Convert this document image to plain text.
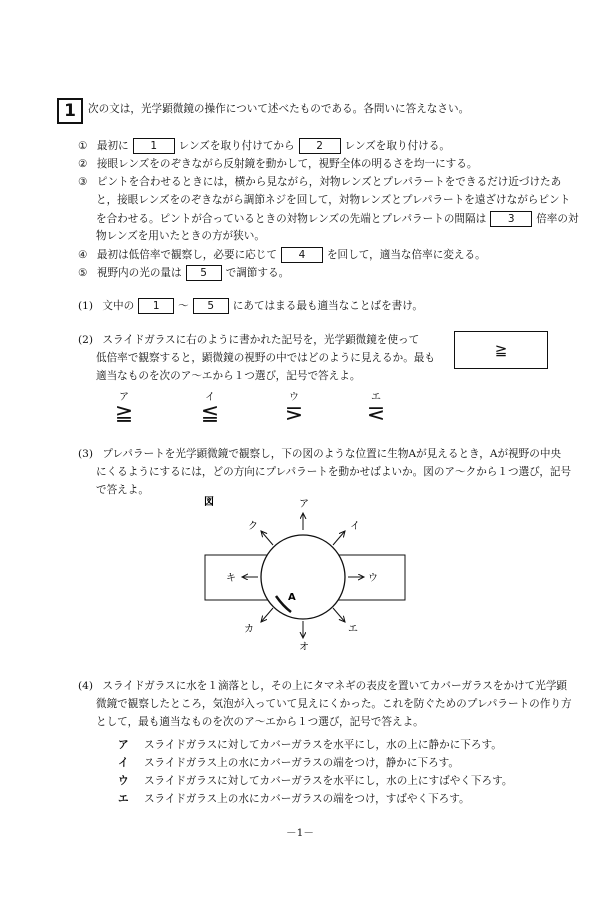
1	次の文は，光学顕微鏡の操作について述べたものである。各問いに答えなさい。
① 最初に 1 レンズを取り付けてから 2 レンズを取り付ける。
② 接眼レンズをのぞきながら反射鏡を動かして，視野全体の明るさを均一にする。
③ ピントを合わせるときには，横から見ながら，対物レンズとプレパラートをできるだけ近づけたあ
と，接眼レンズをのぞきながら調節ネジを回して，対物レンズとプレパラートを遠ざけながらピント
を合わせる。ピントが合っているときの対物レンズの先端とプレパラートの間隔は 3 倍率の対
物レンズを用いたときの方が狭い。
④ 最初は低倍率で観察し，必要に応じて 4 を回して，適当な倍率に変える。
⑤ 視野内の光の量は 5 で調節する。
(1) 文中の 1 ～ 5 にあてはまる最も適当なことばを書け。
(2) スライドガラスに右のように書かれた記号を，光学顕微鏡を使って
低倍率で観察すると，顕微鏡の視野の中ではどのように見えるか。最も
適当なものを次のア～エから１つ選び，記号で答えよ。
≧
ア
≧
イ
≦
ウ
⋝
エ
⋜
(3) プレパラートを光学顕微鏡で観察し，下の図のような位置に生物Aが見えるとき，Aが視野の中央
にくるようにするには，どの方向にプレパラートを動かせばよいか。図のア～クから１つ選び，記号
で答えよ。
図
A
ア
イ
ウ
エ
オ
カ
キ
ク
(4) スライドガラスに水を１滴落とし，その上にタマネギの表皮を置いてカバーガラスをかけて光学顕
微鏡で観察したところ，気泡が入っていて見えにくかった。これを防ぐためのプレパラートの作り方
として，最も適当なものを次のア～エから１つ選び，記号で答えよ。
ア スライドガラスに対してカバーガラスを水平にし，水の上に静かに下ろす。
イ スライドガラス上の水にカバーガラスの端をつけ，静かに下ろす。
ウ スライドガラスに対してカバーガラスを水平にし，水の上にすばやく下ろす。
エ スライドガラス上の水にカバーガラスの端をつけ，すばやく下ろす。
－1－
